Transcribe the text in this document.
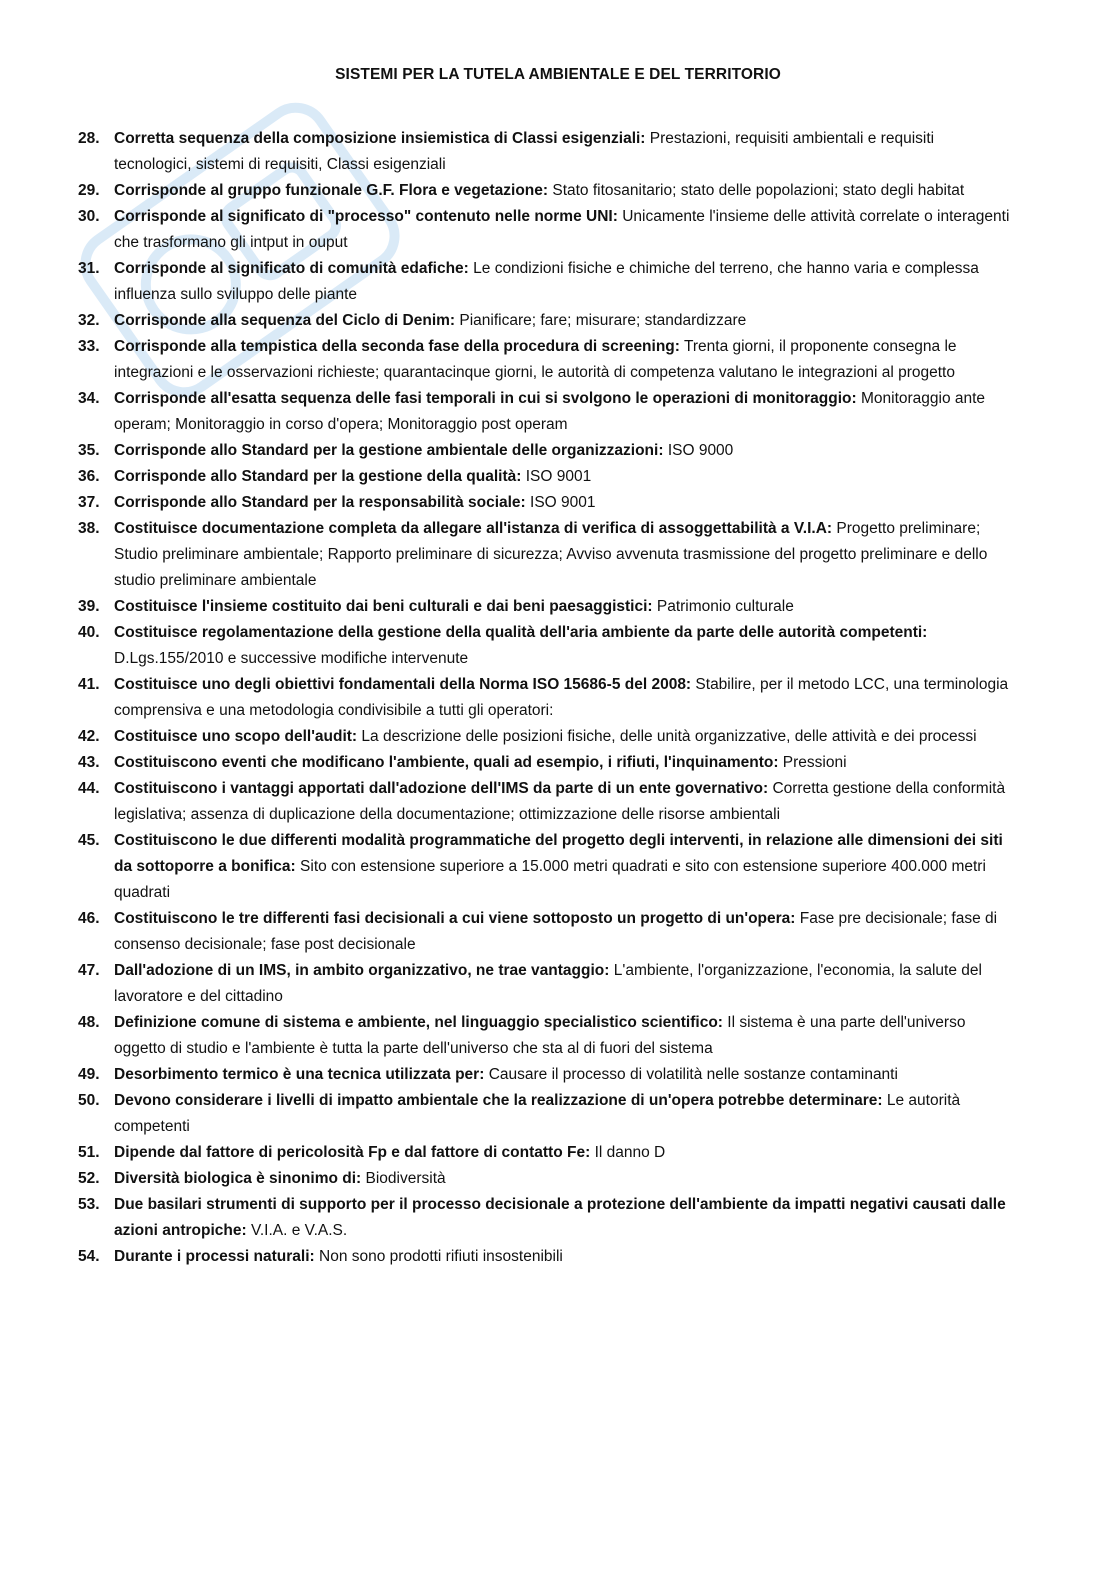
SISTEMI PER LA TUTELA AMBIENTALE E DEL TERRITORIO
28. Corretta sequenza della composizione insiemistica di Classi esigenziali: Prestazioni, requisiti ambientali e requisiti tecnologici, sistemi di requisiti, Classi esigenziali
29. Corrisponde al gruppo funzionale G.F. Flora e vegetazione: Stato fitosanitario; stato delle popolazioni; stato degli habitat
30. Corrisponde al significato di "processo" contenuto nelle norme UNI: Unicamente l'insieme delle attività correlate o interagenti che trasformano gli intput in ouput
31. Corrisponde al significato di comunità edafiche: Le condizioni fisiche e chimiche del terreno, che hanno varia e complessa influenza sullo sviluppo delle piante
32. Corrisponde alla sequenza del Ciclo di Denim: Pianificare; fare; misurare; standardizzare
33. Corrisponde alla tempistica della seconda fase della procedura di screening: Trenta giorni, il proponente consegna le integrazioni e le osservazioni richieste; quarantacinque giorni, le autorità di competenza valutano le integrazioni al progetto
34. Corrisponde all'esatta sequenza delle fasi temporali in cui si svolgono le operazioni di monitoraggio: Monitoraggio ante operam; Monitoraggio in corso d'opera; Monitoraggio post operam
35. Corrisponde allo Standard per la gestione ambientale delle organizzazioni: ISO 9000
36. Corrisponde allo Standard per la gestione della qualità: ISO 9001
37. Corrisponde allo Standard per la responsabilità sociale: ISO 9001
38. Costituisce documentazione completa da allegare all'istanza di verifica di assoggettabilità a V.I.A: Progetto preliminare; Studio preliminare ambientale; Rapporto preliminare di sicurezza; Avviso avvenuta trasmissione del progetto preliminare e dello studio preliminare ambientale
39. Costituisce l'insieme costituito dai beni culturali e dai beni paesaggistici: Patrimonio culturale
40. Costituisce regolamentazione della gestione della qualità dell'aria ambiente da parte delle autorità competenti: D.Lgs.155/2010 e successive modifiche intervenute
41. Costituisce uno degli obiettivi fondamentali della Norma ISO 15686-5 del 2008: Stabilire, per il metodo LCC, una terminologia comprensiva e una metodologia condivisibile a tutti gli operatori:
42. Costituisce uno scopo dell'audit: La descrizione delle posizioni fisiche, delle unità organizzative, delle attività e dei processi
43. Costituiscono eventi che modificano l'ambiente, quali ad esempio, i rifiuti, l'inquinamento: Pressioni
44. Costituiscono i vantaggi apportati dall'adozione dell'IMS da parte di un ente governativo: Corretta gestione della conformità legislativa; assenza di duplicazione della documentazione; ottimizzazione delle risorse ambientali
45. Costituiscono le due differenti modalità programmatiche del progetto degli interventi, in relazione alle dimensioni dei siti da sottoporre a bonifica: Sito con estensione superiore a 15.000 metri quadrati e sito con estensione superiore 400.000 metri quadrati
46. Costituiscono le tre differenti fasi decisionali a cui viene sottoposto un progetto di un'opera: Fase pre decisionale; fase di consenso decisionale; fase post decisionale
47. Dall'adozione di un IMS, in ambito organizzativo, ne trae vantaggio: L'ambiente, l'organizzazione, l'economia, la salute del lavoratore e del cittadino
48. Definizione comune di sistema e ambiente, nel linguaggio specialistico scientifico: Il sistema è una parte dell'universo oggetto di studio e l'ambiente è tutta la parte dell'universo che sta al di fuori del sistema
49. Desorbimento termico è una tecnica utilizzata per: Causare il processo di volatilità nelle sostanze contaminanti
50. Devono considerare i livelli di impatto ambientale che la realizzazione di un'opera potrebbe determinare: Le autorità competenti
51. Dipende dal fattore di pericolosità Fp e dal fattore di contatto Fe: Il danno D
52. Diversità biologica è sinonimo di: Biodiversità
53. Due basilari strumenti di supporto per il processo decisionale a protezione dell'ambiente da impatti negativi causati dalle azioni antropiche: V.I.A. e V.A.S.
54. Durante i processi naturali: Non sono prodotti rifiuti insostenibili
